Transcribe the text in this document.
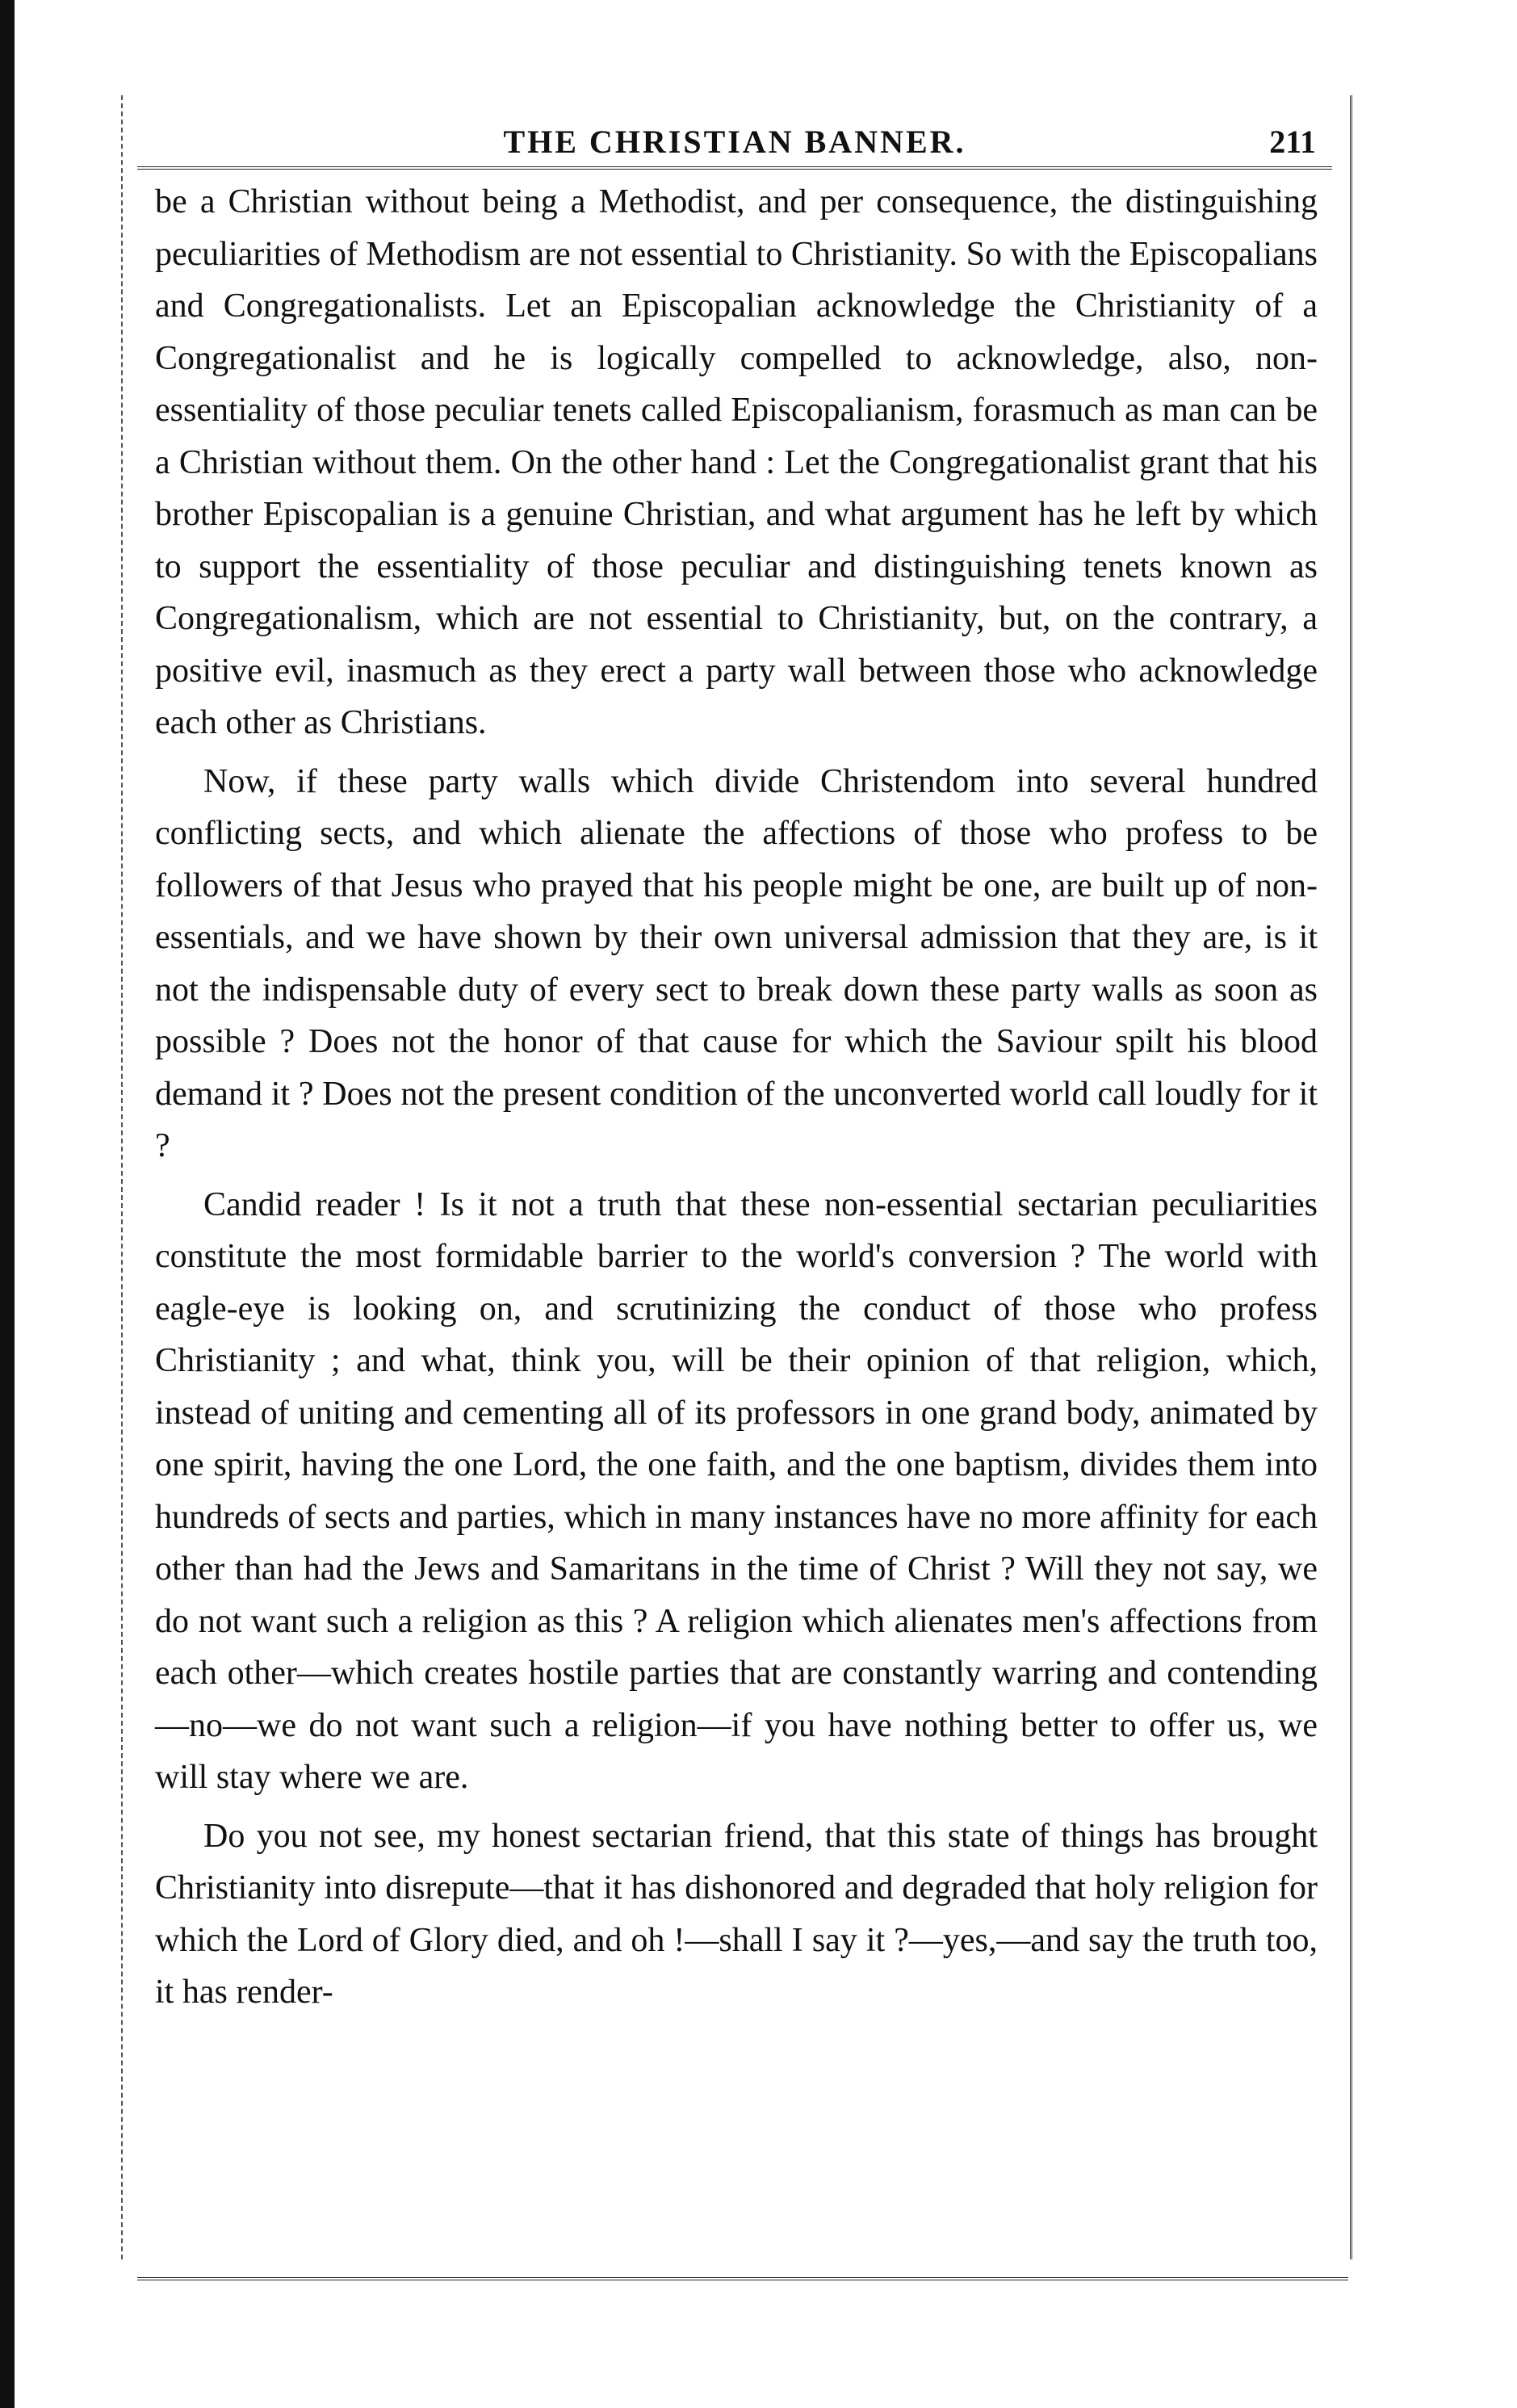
THE CHRISTIAN BANNER.	211

be a Christian without being a Methodist, and per consequence, the distinguishing peculiarities of Methodism are not essential to Christianity. So with the Episcopalians and Congregationalists. Let an Episcopalian acknowledge the Christianity of a Congregationalist and he is logically compelled to acknowledge, also, non-essentiality of those peculiar tenets called Episcopalianism, forasmuch as man can be a Christian without them. On the other hand : Let the Congregationalist grant that his brother Episcopalian is a genuine Christian, and what argument has he left by which to support the essentiality of those peculiar and distinguishing tenets known as Congregationalism, which are not essential to Christianity, but, on the contrary, a positive evil, inasmuch as they erect a party wall between those who acknowledge each other as Christians.

Now, if these party walls which divide Christendom into several hundred conflicting sects, and which alienate the affections of those who profess to be followers of that Jesus who prayed that his people might be one, are built up of non-essentials, and we have shown by their own universal admission that they are, is it not the indispensable duty of every sect to break down these party walls as soon as possible ? Does not the honor of that cause for which the Saviour spilt his blood demand it ? Does not the present condition of the unconverted world call loudly for it ?

Candid reader ! Is it not a truth that these non-essential sectarian peculiarities constitute the most formidable barrier to the world's conversion ? The world with eagle-eye is looking on, and scrutinizing the conduct of those who profess Christianity ; and what, think you, will be their opinion of that religion, which, instead of uniting and cementing all of its professors in one grand body, animated by one spirit, having the one Lord, the one faith, and the one baptism, divides them into hundreds of sects and parties, which in many instances have no more affinity for each other than had the Jews and Samaritans in the time of Christ ? Will they not say, we do not want such a religion as this ? A religion which alienates men's affections from each other—which creates hostile parties that are constantly warring and contending—no—we do not want such a religion—if you have nothing better to offer us, we will stay where we are.

Do you not see, my honest sectarian friend, that this state of things has brought Christianity into disrepute—that it has dishonored and degraded that holy religion for which the Lord of Glory died, and oh !—shall I say it ?—yes,—and say the truth too, it has render-
